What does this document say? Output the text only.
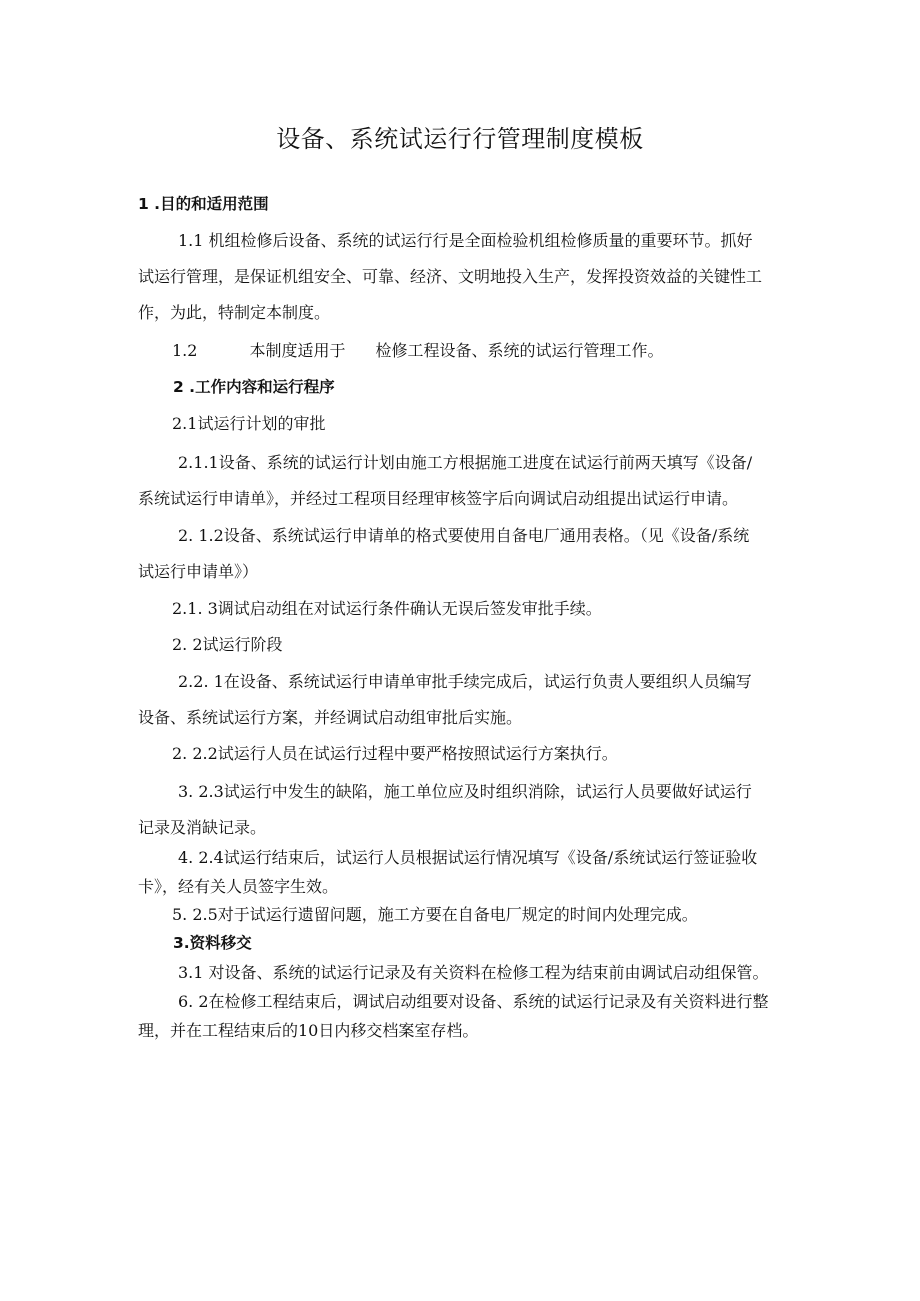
设备、系统试运行行管理制度模板
1 .目的和适用范围
1.1 机组检修后设备、系统的试运行行是全面检验机组检修质量的重要环节。抓好
试运行管理，是保证机组安全、可靠、经济、文明地投入生产，发挥投资效益的关键性工
作，为此，特制定本制度。
1.2	本制度适用于 检修工程设备、系统的试运行管理工作。
2 .工作内容和运行程序
2.1试运行计划的审批
2.1.1设备、系统的试运行计划由施工方根据施工进度在试运行前两天填写《设备/
系统试运行申请单》，并经过工程项目经理审核签字后向调试启动组提出试运行申请。
2. 1.2设备、系统试运行申请单的格式要使用自备电厂通用表格。（见《设备/系统
试运行申请单》）
2.1. 3调试启动组在对试运行条件确认无误后签发审批手续。
2. 2试运行阶段
2.2. 1在设备、系统试运行申请单审批手续完成后，试运行负责人要组织人员编写
设备、系统试运行方案，并经调试启动组审批后实施。
2. 2.2试运行人员在试运行过程中要严格按照试运行方案执行。
3. 2.3试运行中发生的缺陷，施工单位应及时组织消除，试运行人员要做好试运行
记录及消缺记录。
4. 2.4试运行结束后，试运行人员根据试运行情况填写《设备/系统试运行签证验收
卡》，经有关人员签字生效。
5. 2.5对于试运行遗留问题，施工方要在自备电厂规定的时间内处理完成。
3.资料移交
3.1 对设备、系统的试运行记录及有关资料在检修工程为结束前由调试启动组保管。
6. 2在检修工程结束后，调试启动组要对设备、系统的试运行记录及有关资料进行整
理，并在工程结束后的10日内移交档案室存档。
